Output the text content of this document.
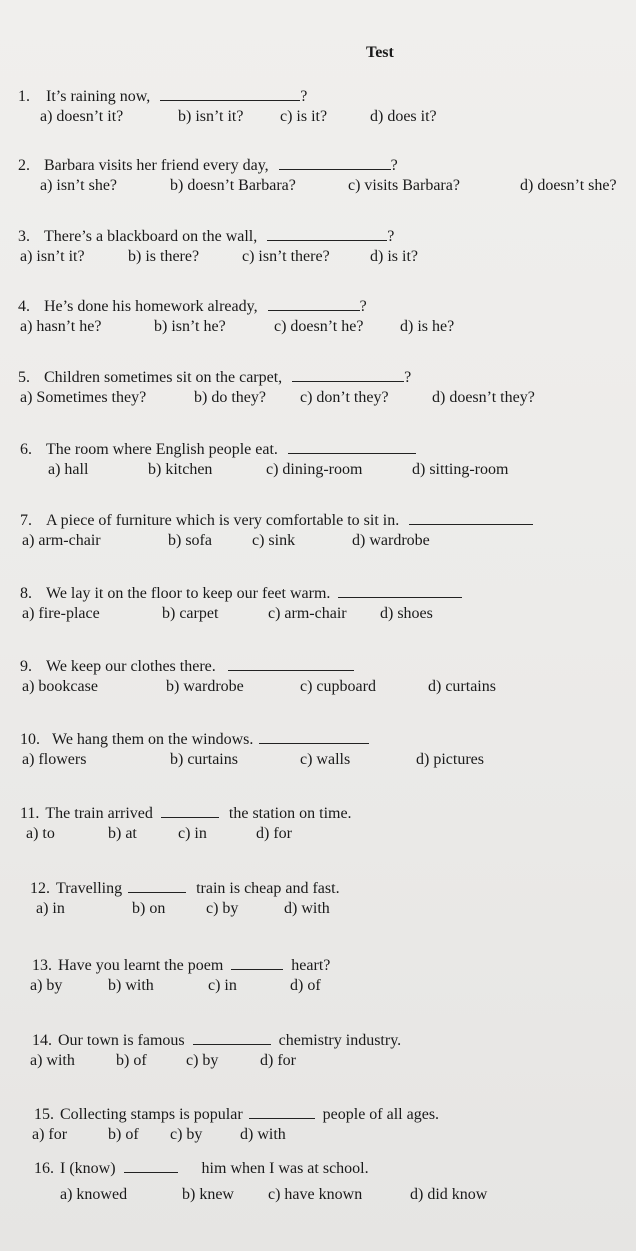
Test
1. It’s raining now,	?
a) doesn’t it?	b) isn’t it? c) is it?	d) does it?
2. Barbara visits her friend every day,	?
a) isn’t she?	b) doesn’t Barbara?	c) visits Barbara?	d) doesn’t she?
3. There’s a blackboard on the wall,	?
a) isn’t it?	b) is there?	c) isn’t there?	d) is it?
4. He’s done his homework already,	?
a) hasn’t he?	b) isn’t he?	c) doesn’t he? d) is he?
5. Children sometimes sit on the carpet,	?
a) Sometimes they?	b) do they? c) don’t they?	d) doesn’t they?
6. The room where English people eat.
a) hall	b) kitchen	c) dining-room	d) sitting-room
7. A piece of furniture which is very comfortable to sit in.
a) arm-chair	b) sofa	c) sink	d) wardrobe
8. We lay it on the floor to keep our feet warm.
a) fire-place	b) carpet	c) arm-chair d) shoes
9. We keep our clothes there.
a) bookcase	b) wardrobe	c) cupboard	d) curtains
10. We hang them on the windows.
a) flowers	b) curtains	c) walls	d) pictures
11. The train arrived	the station on time.
a) to	b) at	c) in	d) for
12. Travelling	train is cheap and fast.
a) in	b) on	c) by	d) with
13. Have you learnt the poem	heart?
a) by	b) with	c) in	d) of
14. Our town is famous	chemistry industry.
a) with	b) of c) by	d) for
15. Collecting stamps is popular	people of all ages.
a) for	b) of c) by d) with
16. I (know)	him when I was at school.
a) knowed	b) knew c) have known	d) did know
